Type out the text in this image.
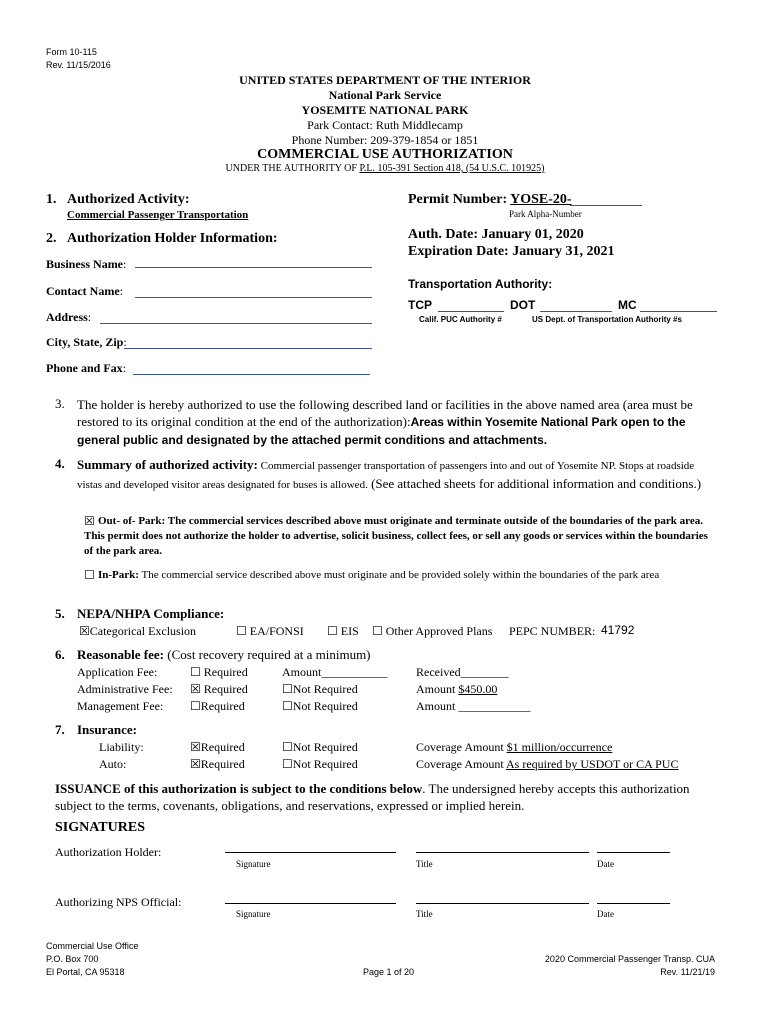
Form 10-115
Rev. 11/15/2016
UNITED STATES DEPARTMENT OF THE INTERIOR
National Park Service
YOSEMITE NATIONAL PARK
Park Contact: Ruth Middlecamp
Phone Number: 209-379-1854 or 1851
COMMERCIAL USE AUTHORIZATION
UNDER THE AUTHORITY OF P.L. 105-391 Section 418, (54 U.S.C. 101925)
1. Authorized Activity:
Commercial Passenger Transportation
Permit Number: YOSE-20-
Park Alpha-Number
2. Authorization Holder Information:
Business Name:
Contact Name:
Address:
City, State, Zip:
Phone and Fax:
Auth. Date: January 01, 2020
Expiration Date: January 31, 2021
Transportation Authority:
TCP	DOT	MC
Calif. PUC Authority #	US Dept. of Transportation Authority #s
3. The holder is hereby authorized to use the following described land or facilities in the above named area (area must be restored to its original condition at the end of the authorization):Areas within Yosemite National Park open to the general public and designated by the attached permit conditions and attachments.
4. Summary of authorized activity: Commercial passenger transportation of passengers into and out of Yosemite NP. Stops at roadside vistas and developed visitor areas designated for buses is allowed. (See attached sheets for additional information and conditions.)
☒ Out- of- Park: The commercial services described above must originate and terminate outside of the boundaries of the park area. This permit does not authorize the holder to advertise, solicit business, collect fees, or sell any goods or services within the boundaries of the park area.
☐ In-Park: The commercial service described above must originate and be provided solely within the boundaries of the park area
5. NEPA/NHPA Compliance:
☒Categorical Exclusion	☐ EA/FONSI ☐ EIS ☐ Other Approved Plans PEPC NUMBER: 41792
6. Reasonable fee: (Cost recovery required at a minimum)
Application Fee:	☐ Required	Amount___________ Received________
Administrative Fee: ☒ Required	☐Not Required	Amount $450.00
Management Fee: ☐Required	☐Not Required	Amount ____________
7. Insurance:
Liability:	☒Required	☐Not Required	Coverage Amount $1 million/occurrence
Auto:	☒Required	☐Not Required	Coverage Amount As required by USDOT or CA PUC
ISSUANCE of this authorization is subject to the conditions below. The undersigned hereby accepts this authorization subject to the terms, covenants, obligations, and reservations, expressed or implied herein.
SIGNATURES
Authorization Holder:
Signature	Title	Date
Authorizing NPS Official:
Signature	Title	Date
Commercial Use Office
P.O. Box 700
El Portal, CA 95318	Page 1 of 20
2020 Commercial Passenger Transp. CUA
Rev. 11/21/19
